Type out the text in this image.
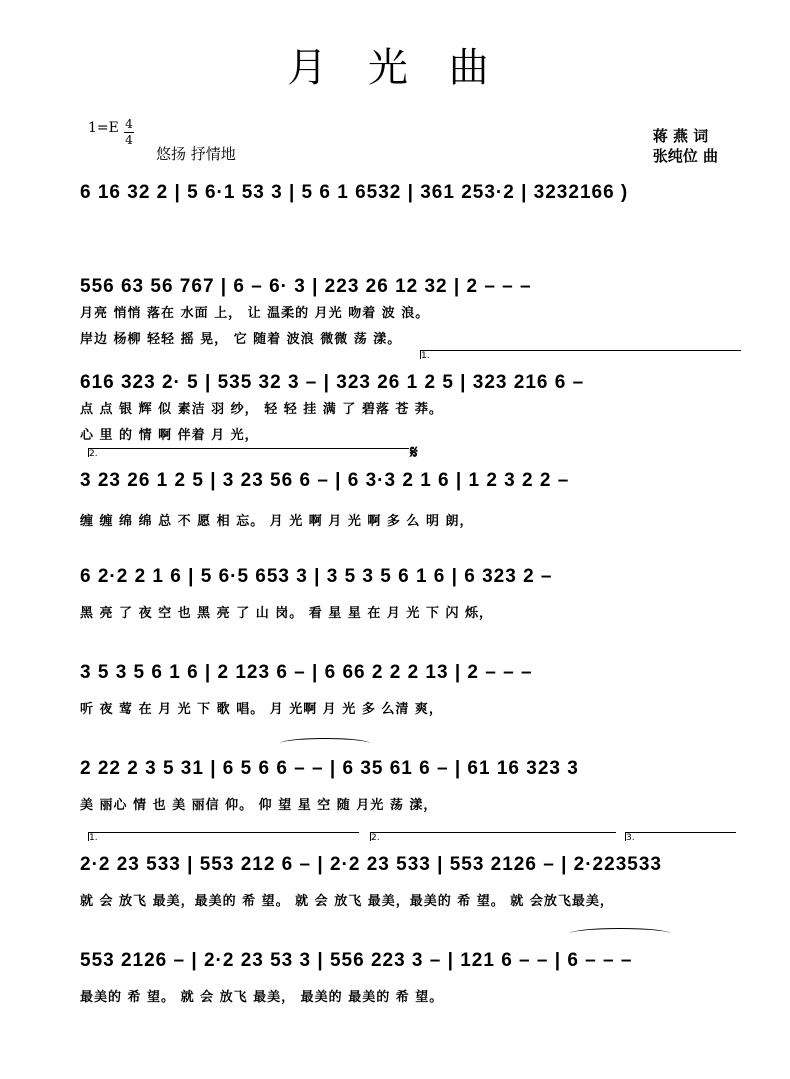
月 光 曲
1=E 4
4
悠扬 抒情地
蒋 燕 词
张纯位 曲
6 16 32 2 | 5 6·1 53 3 | 5 6 1 6532 | 361 253·2 | 3232166 )
556 63 56 767 | 6 – 6· 3 | 223 26 12 32 | 2 – – –
月亮 悄悄 落在 水面 上， 让 温柔的 月光 吻着 波 浪。
岸边 杨柳 轻轻 摇 晃， 它 随着 波浪 微微 荡 漾。
1.
616 323 2· 5 | 535 32 3 – | 323 26 1 2 5 | 323 216 6 –
点 点 银 辉 似 素洁 羽 纱， 轻 轻 挂 满 了 碧落 苍 莽。
心 里 的 情 啊 伴着 月 光，
2.	𝄋
3 23 26 1 2 5 | 3 23 56 6 – | 6 3·3 2 1 6 | 1 2 3 2 2 –
缠 缠 绵 绵 总 不 愿 相 忘。 月 光 啊 月 光 啊 多 么 明 朗，
6 2·2 2 1 6 | 5 6·5 653 3 | 3 5 3 5 6 1 6 | 6 323 2 –
黑 亮 了 夜 空 也 黑 亮 了 山 岗。 看 星 星 在 月 光 下 闪 烁，
3 5 3 5 6 1 6 | 2 123 6 – | 6 66 2 2 2 13 | 2 – – –
听 夜 莺 在 月 光 下 歌 唱。 月 光啊 月 光 多 么清 爽，
2 22 2 3 5 31 | 6 5 6 6 – – | 6 35 61 6 – | 61 16 323 3
美 丽心 情 也 美 丽信 仰。 仰 望 星 空 随 月光 荡 漾，
1.	2.	3.
2·2 23 533 | 553 212 6 – | 2·2 23 533 | 553 2126 – | 2·223533
就 会 放飞 最美，最美的 希 望。 就 会 放飞 最美，最美的 希 望。 就 会放飞最美，
553 2126 – | 2·2 23 53 3 | 556 223 3 – | 121 6 – – | 6 – – –
最美的 希 望。 就 会 放飞 最美， 最美的 最美的 希 望。
